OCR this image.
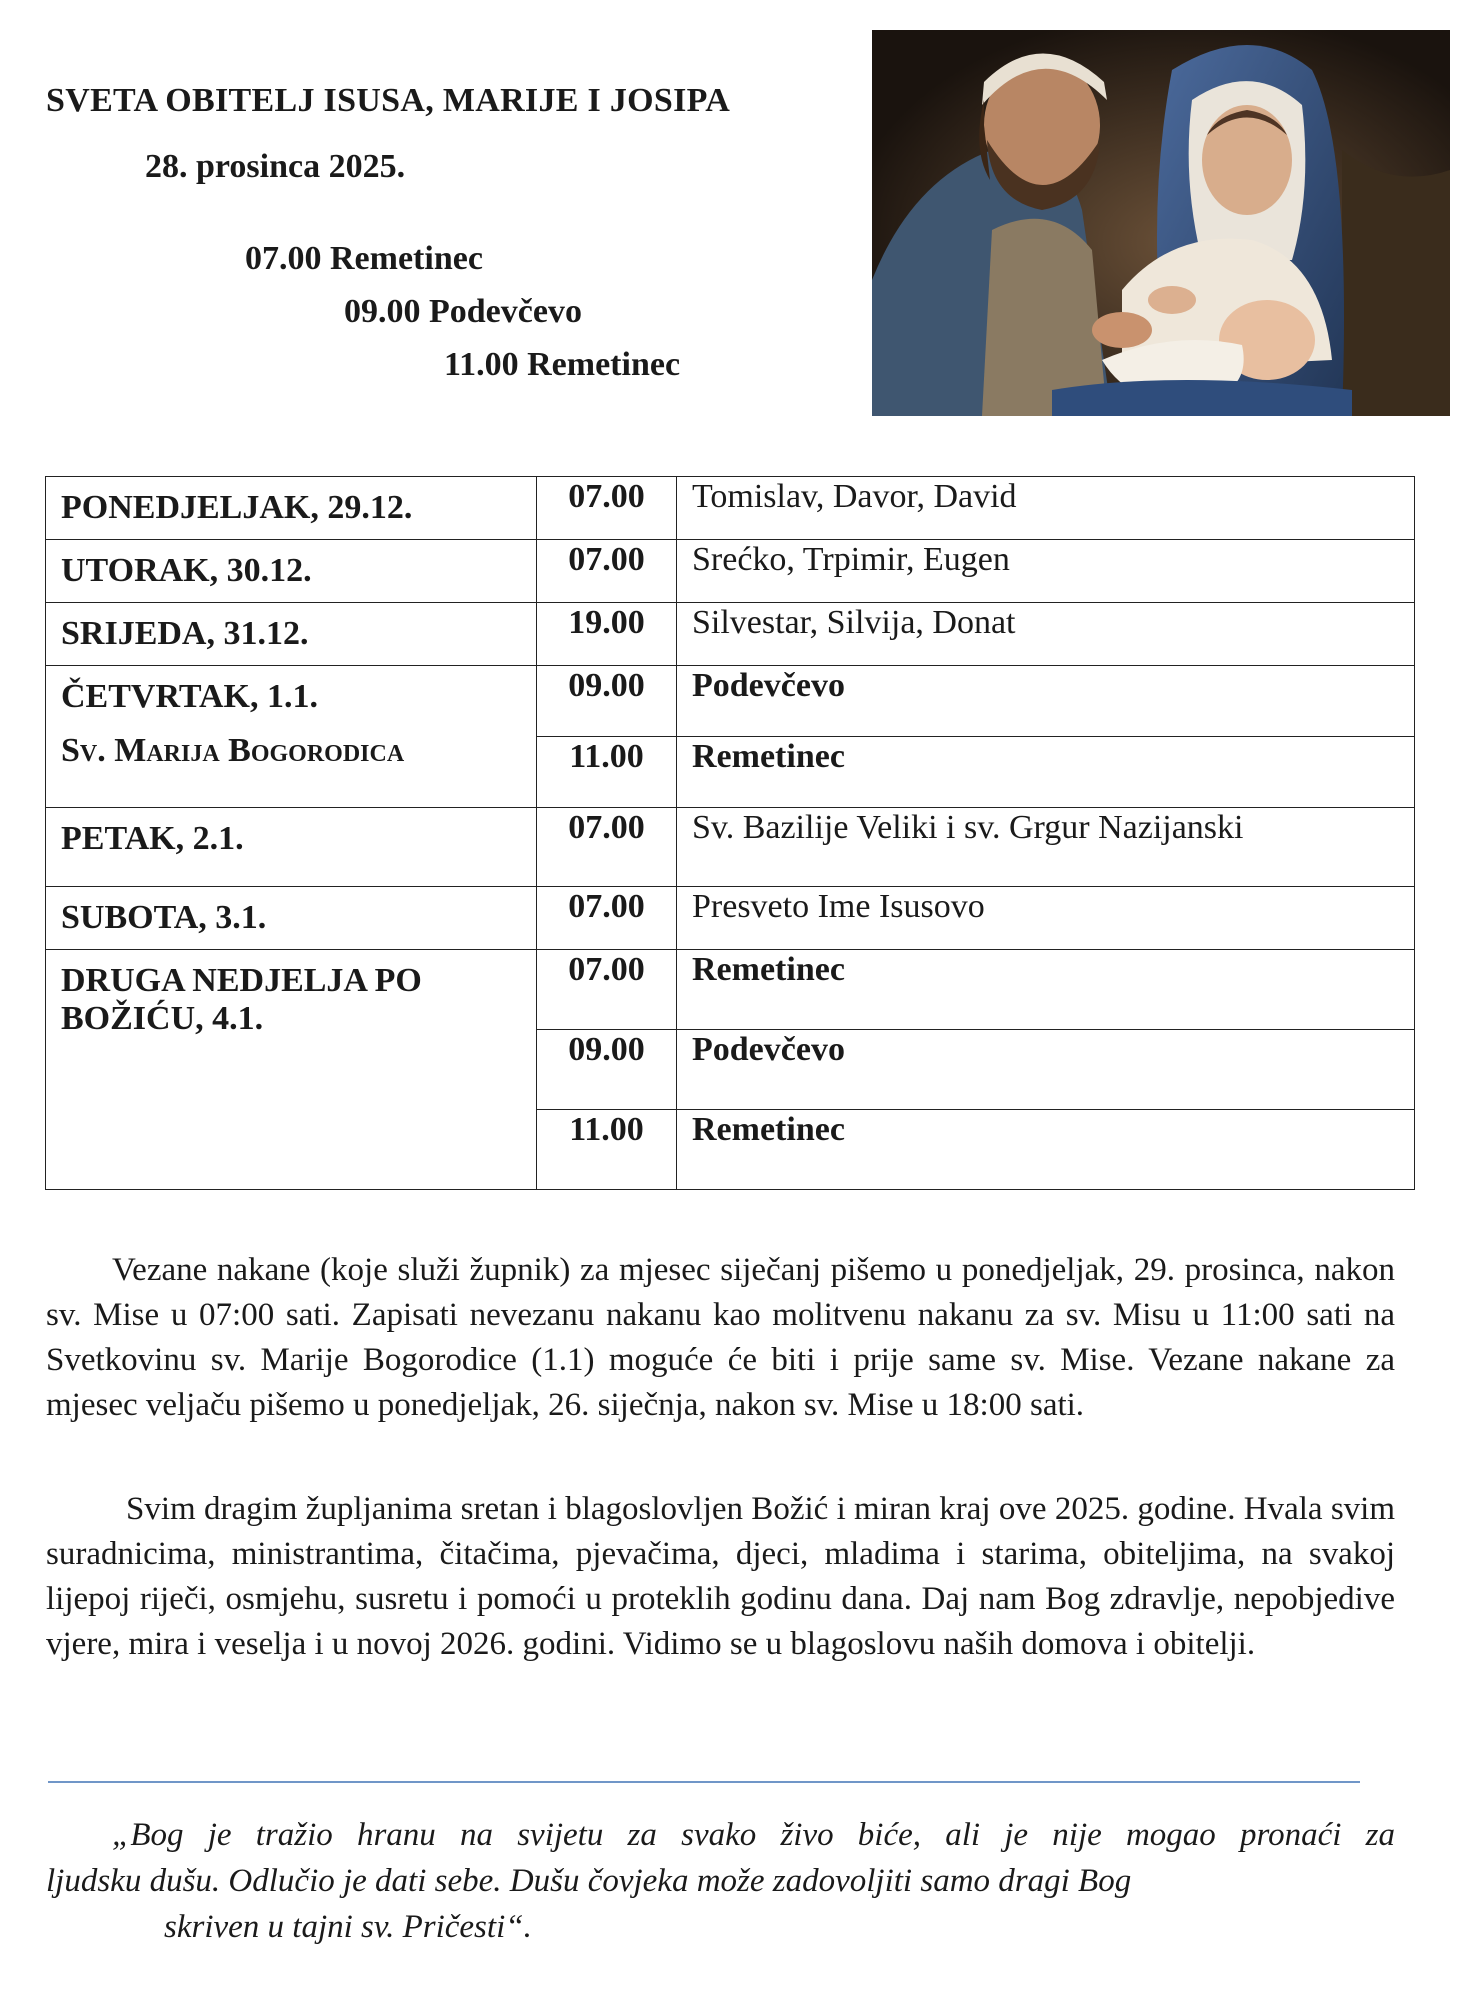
SVETA OBITELJ ISUSA, MARIJE I JOSIPA
28. prosinca 2025.
07.00 Remetinec
09.00 Podevčevo
11.00 Remetinec
PONEDJELJAK, 29.12.	07.00	Tomislav, Davor, David
UTORAK, 30.12.	07.00	Srećko, Trpimir, Eugen
SRIJEDA, 31.12.	19.00	Silvestar, Silvija, Donat

ČETVRTAK, 1.1.
Sv. Marija Bogorodica	09.00	Podevčevo
	11.00	Remetinec
PETAK, 2.1.	07.00	Sv. Bazilije Veliki i sv. Grgur Nazijanski
SUBOTA, 3.1.	07.00	Presveto Ime Isusovo

DRUGA NEDJELJA PO
BOŽIĆU, 4.1.	07.00	Remetinec
	09.00	Podevčevo
	11.00	Remetinec
Vezane nakane (koje služi župnik) za mjesec siječanj pišemo u ponedjeljak, 29. prosinca, nakon sv. Mise u 07:00 sati. Zapisati nevezanu nakanu kao molitvenu nakanu za sv. Misu u 11:00 sati na Svetkovinu sv. Marije Bogorodice (1.1) moguće će biti i prije same sv. Mise. Vezane nakane za mjesec veljaču pišemo u ponedjeljak, 26. siječnja, nakon sv. Mise u 18:00 sati.
Svim dragim župljanima sretan i blagoslovljen Božić i miran kraj ove 2025. godine. Hvala svim suradnicima, ministrantima, čitačima, pjevačima, djeci, mladima i starima, obiteljima, na svakoj lijepoj riječi, osmjehu, susretu i pomoći u proteklih godinu dana. Daj nam Bog zdravlje, nepobjedive vjere, mira i veselja i u novoj 2026. godini. Vidimo se u blagoslovu naših domova i obitelji.
„Bog je tražio hranu na svijetu za svako živo biće, ali je nije mogao pronaći za
ljudsku dušu. Odlučio je dati sebe. Dušu čovjeka može zadovoljiti samo dragi Bog
skriven u tajni sv. Pričesti“.
